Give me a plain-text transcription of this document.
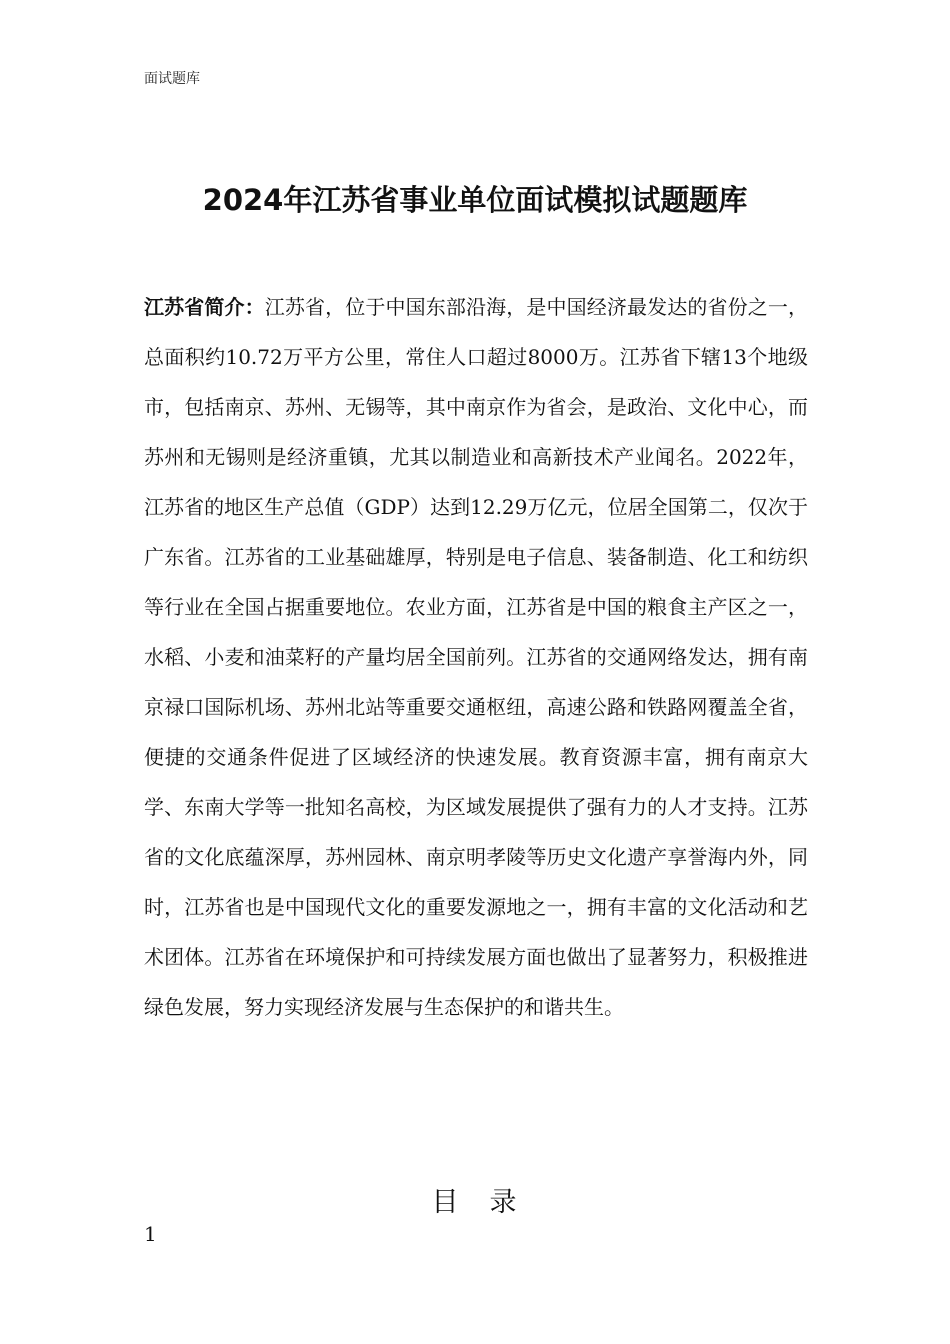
面试题库
2024年江苏省事业单位面试模拟试题题库

江苏省简介：江苏省，位于中国东部沿海，是中国经济最发达的省份之一，总面积约10.72万平方公里，常住人口超过8000万。江苏省下辖13个地级市，包括南京、苏州、无锡等，其中南京作为省会，是政治、文化中心，而苏州和无锡则是经济重镇，尤其以制造业和高新技术产业闻名。2022年，江苏省的地区生产总值（GDP）达到12.29万亿元，位居全国第二，仅次于广东省。江苏省的工业基础雄厚，特别是电子信息、装备制造、化工和纺织等行业在全国占据重要地位。农业方面，江苏省是中国的粮食主产区之一，水稻、小麦和油菜籽的产量均居全国前列。江苏省的交通网络发达，拥有南京禄口国际机场、苏州北站等重要交通枢纽，高速公路和铁路网覆盖全省，便捷的交通条件促进了区域经济的快速发展。教育资源丰富，拥有南京大学、东南大学等一批知名高校，为区域发展提供了强有力的人才支持。江苏省的文化底蕴深厚，苏州园林、南京明孝陵等历史文化遗产享誉海内外，同时，江苏省也是中国现代文化的重要发源地之一，拥有丰富的文化活动和艺术团体。江苏省在环境保护和可持续发展方面也做出了显著努力，积极推进绿色发展，努力实现经济发展与生态保护的和谐共生。

目　录
1
